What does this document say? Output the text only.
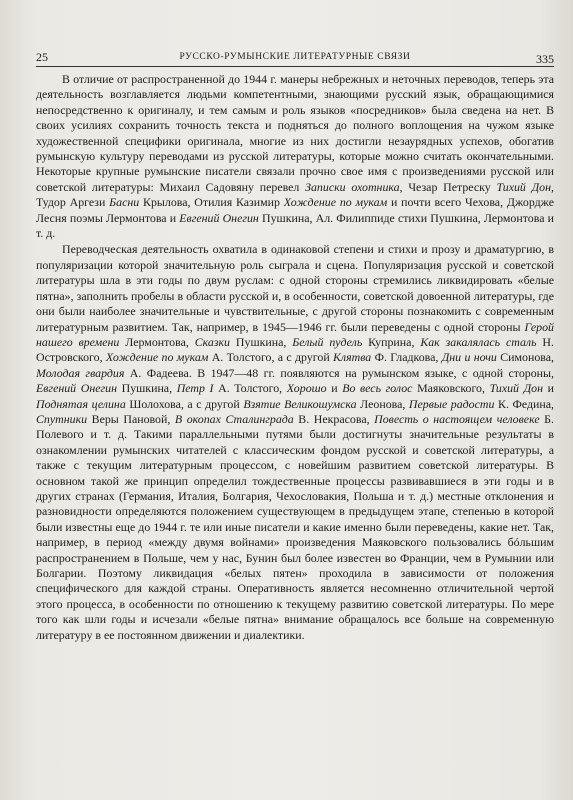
25	РУССКО-РУМЫНСКИЕ ЛИТЕРАТУРНЫЕ СВЯЗИ	335

В отличие от распространенной до 1944 г. манеры небрежных и неточных переводов, теперь эта деятельность возглавляется людьми компетентными, знающими русский язык, обращающимися непосредственно к оригиналу, и тем самым и роль языков «посредников» была сведена на нет. В своих усилиях сохранить точность текста и подняться до полного воплощения на чужом языке художественной специфики оригинала, многие из них достигли незаурядных успехов, обогатив румынскую культуру переводами из русской литературы, которые можно считать окончательными. Некоторые крупные румынские писатели связали прочно свое имя с произведениями русской или советской литературы: Михаил Садовяну перевел Записки охотника, Чезар Петреску Тихий Дон, Тудор Аргези Басни Крылова, Отилия Казимир Хождение по мукам и почти всего Чехова, Джордже Лесня поэмы Лермонтова и Евгений Онегин Пушкина, Ал. Филиппиде стихи Пушкина, Лермонтова и т. д.

Переводческая деятельность охватила в одинаковой степени и стихи и прозу и драматургию, в популяризации которой значительную роль сыграла и сцена. Популяризация русской и советской литературы шла в эти годы по двум руслам: с одной стороны стремились ликвидировать «белые пятна», заполнить пробелы в области русской и, в особенности, советской довоенной литературы, где они были наиболее значительные и чувствительные, с другой стороны познакомить с современным литературным развитием. Так, например, в 1945—1946 гг. были переведены с одной стороны Герой нашего времени Лермонтова, Сказки Пушкина, Белый пудель Куприна, Как закалялась сталь Н. Островского, Хождение по мукам А. Толстого, а с другой Клятва Ф. Гладкова, Дни и ночи Симонова, Молодая гвардия А. Фадеева. В 1947—48 гг. появляются на румынском языке, с одной стороны, Евгений Онегин Пушкина, Петр I А. Толстого, Хорошо и Во весь голос Маяковского, Тихий Дон и Поднятая целина Шолохова, а с другой Взятие Великошумска Леонова, Первые радости К. Федина, Спутники Веры Пановой, В окопах Сталинграда В. Некрасова, Повесть о настоящем человеке Б. Полевого и т. д. Такими параллельными путями были достигнуты значительные результаты в ознакомлении румынских читателей с классическим фондом русской и советской литературы, а также с текущим литературным процессом, с новейшим развитием советской литературы. В основном такой же принцип определил тождественные процессы развивавшиеся в эти годы и в других странах (Германия, Италия, Болгария, Чехословакия, Польша и т. д.) местные отклонения и разновидности определяются положением существующем в предыдущем этапе, степенью в которой были известны еще до 1944 г. те или иные писатели и какие именно были переведены, какие нет. Так, например, в период «между двумя войнами» произведения Маяковского пользовались бóльшим распространением в Польше, чем у нас, Бунин был более известен во Франции, чем в Румынии или Болгарии. Поэтому ликвидация «белых пятен» проходила в зависимости от положения специфического для каждой страны. Оперативность является несомненно отличительной чертой этого процесса, в особенности по отношению к текущему развитию советской литературы. По мере того как шли годы и исчезали «белые пятна» внимание обращалось все больше на современную литературу в ее постоянном движении и диалектики.
